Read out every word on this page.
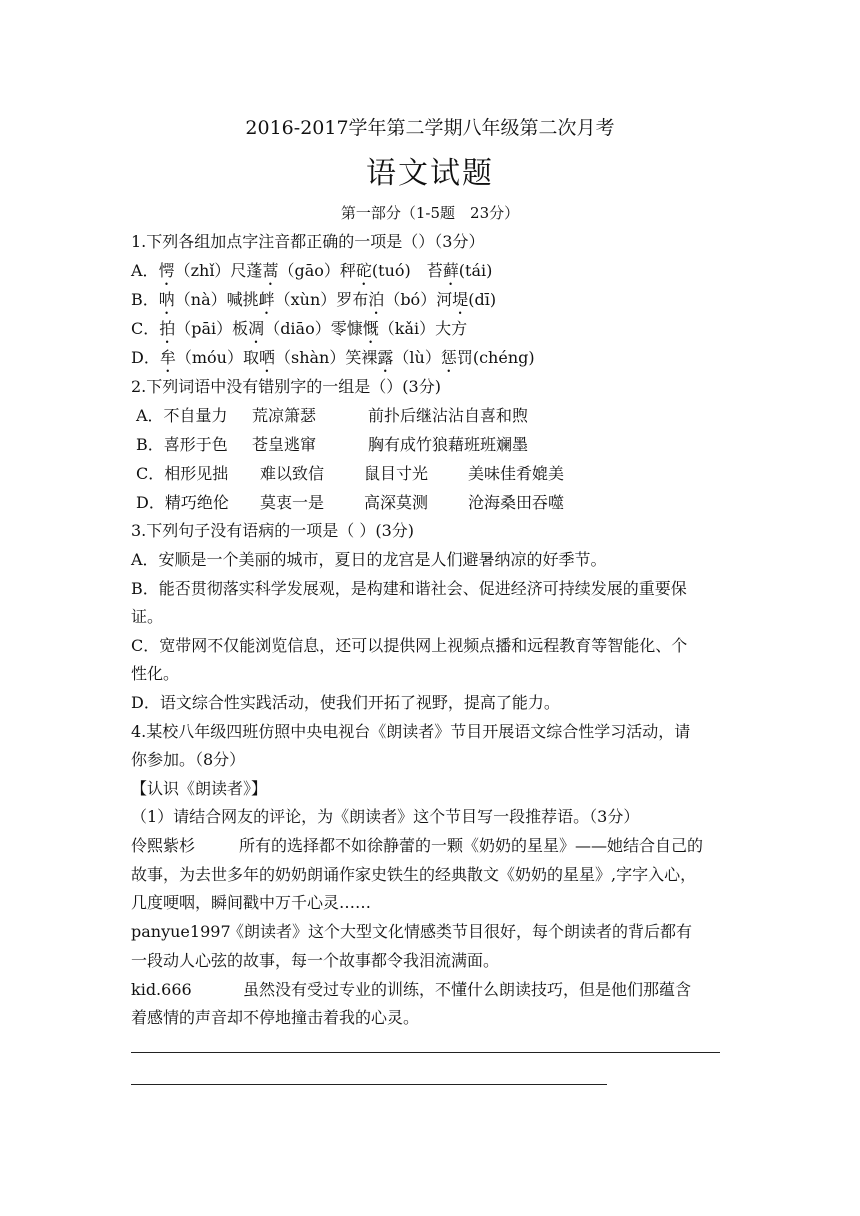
2016-2017学年第二学期八年级第二次月考
语文试题
第一部分（1-5题　23分）
1.下列各组加点字注音都正确的一项是（）（3分）
A．愕（zhǐ）尺蓬蒿（gāo）秤砣(tuó)　苔藓(tái)
B．呐（nà）喊挑衅（xùn）罗布泊（bó）河堤(dī)
C．拍（pāi）板凋（diāo）零慷慨（kǎi）大方
D．牟（móu）取哂（shàn）笑裸露（lù）惩罚(chéng)
2.下列词语中没有错别字的一组是（）(3分)
A．不自量力 荒凉箫瑟	前扑后继沾沾自喜和煦
B．喜形于色 苍皇逃窜	胸有成竹狼藉班班斓墨
C．相形见拙 难以致信 鼠目寸光 美味佳肴媲美
D．精巧绝伦 莫衷一是 高深莫测 沧海桑田吞噬
3.下列句子没有语病的一项是（ ）(3分)
A．安顺是一个美丽的城市，夏日的龙宫是人们避暑纳凉的好季节。
B．能否贯彻落实科学发展观，是构建和谐社会、促进经济可持续发展的重要保
证。
C．宽带网不仅能浏览信息，还可以提供网上视频点播和远程教育等智能化、个
性化。
D．语文综合性实践活动，使我们开拓了视野，提高了能力。
4.某校八年级四班仿照中央电视台《朗读者》节目开展语文综合性学习活动，请
你参加。（8分）
【认识《朗读者》】
（1）请结合网友的评论，为《朗读者》这个节目写一段推荐语。（3分）
伶熙紫杉	所有的选择都不如徐静蕾的一颗《奶奶的星星》——她结合自己的
故事，为去世多年的奶奶朗诵作家史铁生的经典散文《奶奶的星星》,字字入心，
几度哽咽，瞬间戳中万千心灵……
panyue1997《朗读者》这个大型文化情感类节目很好，每个朗读者的背后都有
一段动人心弦的故事，每一个故事都令我泪流满面。
kid.666	虽然没有受过专业的训练，不懂什么朗读技巧，但是他们那蕴含
着感情的声音却不停地撞击着我的心灵。
